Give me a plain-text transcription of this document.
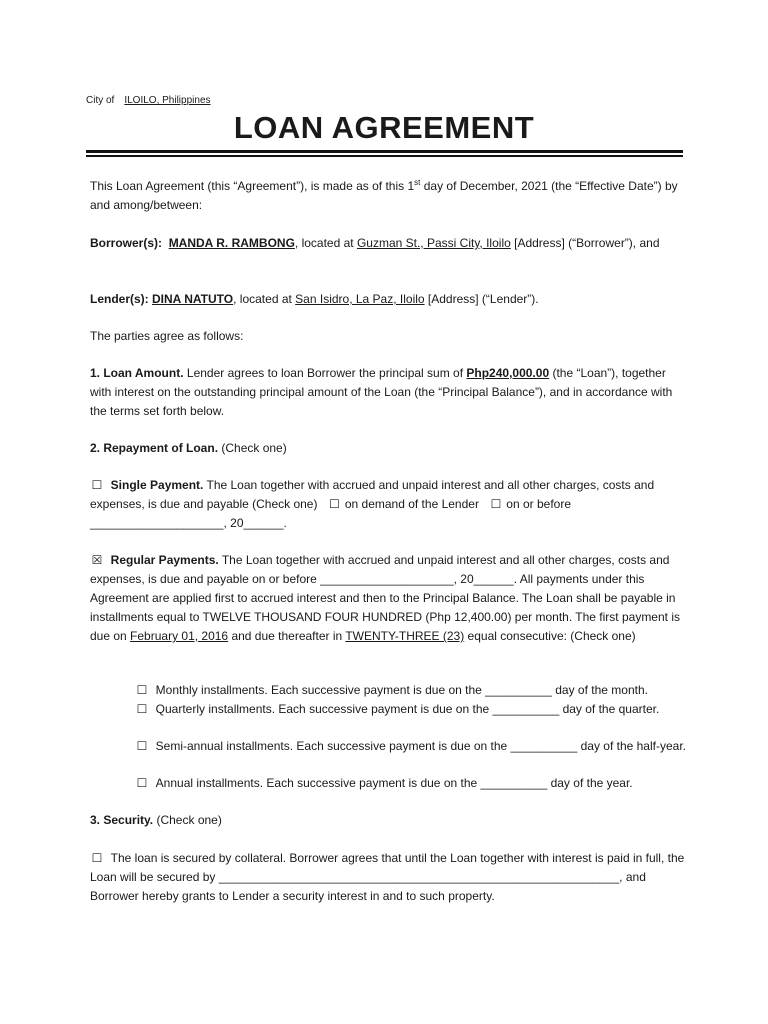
City of ILOILO, Philippines
LOAN AGREEMENT
This Loan Agreement (this “Agreement”), is made as of this 1st day of December, 2021 (the “Effective Date”) by and among/between:
Borrower(s): MANDA R. RAMBONG, located at Guzman St., Passi City, Iloilo [Address] (“Borrower”), and
Lender(s): DINA NATUTO, located at San Isidro, La Paz, Iloilo [Address] (“Lender”).
The parties agree as follows:
1. Loan Amount. Lender agrees to loan Borrower the principal sum of Php240,000.00 (the “Loan”), together with interest on the outstanding principal amount of the Loan (the “Principal Balance”), and in accordance with the terms set forth below.
2. Repayment of Loan. (Check one)
☐ Single Payment. The Loan together with accrued and unpaid interest and all other charges, costs and expenses, is due and payable (Check one) ☐ on demand of the Lender ☐ on or before ____________________, 20______.
☒ Regular Payments. The Loan together with accrued and unpaid interest and all other charges, costs and expenses, is due and payable on or before ____________________, 20______. All payments under this Agreement are applied first to accrued interest and then to the Principal Balance. The Loan shall be payable in installments equal to TWELVE THOUSAND FOUR HUNDRED (Php 12,400.00) per month. The first payment is due on February 01, 2016 and due thereafter in TWENTY-THREE (23) equal consecutive: (Check one)
☐ Monthly installments. Each successive payment is due on the __________ day of the month.
☐ Quarterly installments. Each successive payment is due on the __________ day of the quarter.
☐ Semi-annual installments. Each successive payment is due on the __________ day of the half-year.
☐ Annual installments. Each successive payment is due on the __________ day of the year.
3. Security. (Check one)
☐ The loan is secured by collateral. Borrower agrees that until the Loan together with interest is paid in full, the Loan will be secured by ____________________________________________________________, and Borrower hereby grants to Lender a security interest in and to such property.
